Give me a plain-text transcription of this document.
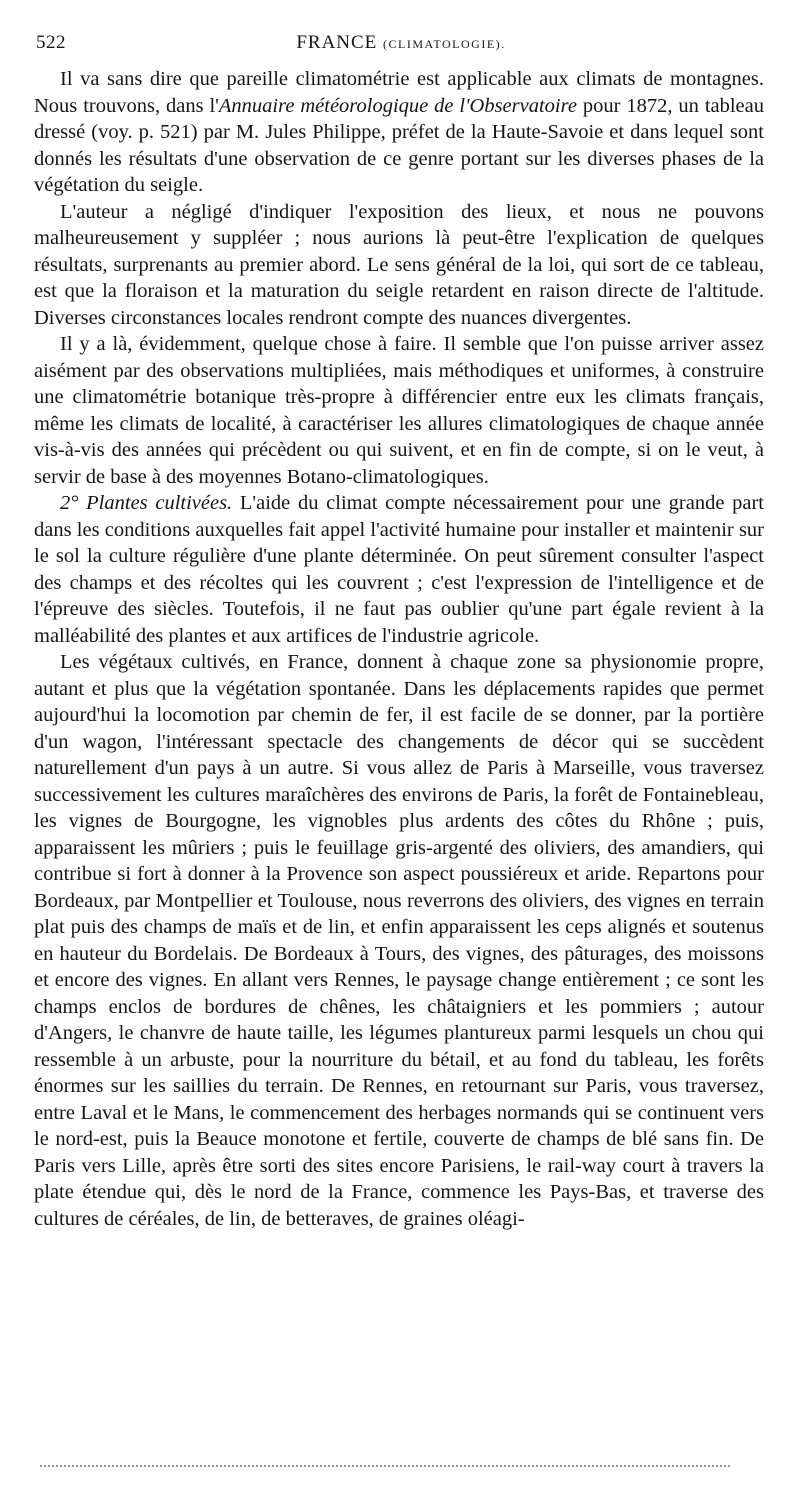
522	FRANCE (CLIMATOLOGIE).

Il va sans dire que pareille climatométrie est applicable aux climats de montagnes. Nous trouvons, dans l'Annuaire météorologique de l'Observatoire pour 1872, un tableau dressé (voy. p. 521) par M. Jules Philippe, préfet de la Haute-Savoie et dans lequel sont donnés les résultats d'une observation de ce genre portant sur les diverses phases de la végétation du seigle.

L'auteur a négligé d'indiquer l'exposition des lieux, et nous ne pouvons malheureusement y suppléer ; nous aurions là peut-être l'explication de quelques résultats, surprenants au premier abord. Le sens général de la loi, qui sort de ce tableau, est que la floraison et la maturation du seigle retardent en raison directe de l'altitude. Diverses circonstances locales rendront compte des nuances divergentes.

Il y a là, évidemment, quelque chose à faire. Il semble que l'on puisse arriver assez aisément par des observations multipliées, mais méthodiques et uniformes, à construire une climatométrie botanique très-propre à différencier entre eux les climats français, même les climats de localité, à caractériser les allures climatologiques de chaque année vis-à-vis des années qui précèdent ou qui suivent, et en fin de compte, si on le veut, à servir de base à des moyennes Botano-climatologiques.

2° Plantes cultivées. L'aide du climat compte nécessairement pour une grande part dans les conditions auxquelles fait appel l'activité humaine pour installer et maintenir sur le sol la culture régulière d'une plante déterminée. On peut sûrement consulter l'aspect des champs et des récoltes qui les couvrent ; c'est l'expression de l'intelligence et de l'épreuve des siècles. Toutefois, il ne faut pas oublier qu'une part égale revient à la malléabilité des plantes et aux artifices de l'industrie agricole.

Les végétaux cultivés, en France, donnent à chaque zone sa physionomie propre, autant et plus que la végétation spontanée. Dans les déplacements rapides que permet aujourd'hui la locomotion par chemin de fer, il est facile de se donner, par la portière d'un wagon, l'intéressant spectacle des changements de décor qui se succèdent naturellement d'un pays à un autre. Si vous allez de Paris à Marseille, vous traversez successivement les cultures maraîchères des environs de Paris, la forêt de Fontainebleau, les vignes de Bourgogne, les vignobles plus ardents des côtes du Rhône ; puis, apparaissent les mûriers ; puis le feuillage gris-argenté des oliviers, des amandiers, qui contribue si fort à donner à la Provence son aspect poussiéreux et aride. Repartons pour Bordeaux, par Montpellier et Toulouse, nous reverrons des oliviers, des vignes en terrain plat puis des champs de maïs et de lin, et enfin apparaissent les ceps alignés et soutenus en hauteur du Bordelais. De Bordeaux à Tours, des vignes, des pâturages, des moissons et encore des vignes. En allant vers Rennes, le paysage change entièrement ; ce sont les champs enclos de bordures de chênes, les châtaigniers et les pommiers ; autour d'Angers, le chanvre de haute taille, les légumes plantureux parmi lesquels un chou qui ressemble à un arbuste, pour la nourriture du bétail, et au fond du tableau, les forêts énormes sur les saillies du terrain. De Rennes, en retournant sur Paris, vous traversez, entre Laval et le Mans, le commencement des herbages normands qui se continuent vers le nord-est, puis la Beauce monotone et fertile, couverte de champs de blé sans fin. De Paris vers Lille, après être sorti des sites encore Parisiens, le rail-way court à travers la plate étendue qui, dès le nord de la France, commence les Pays-Bas, et traverse des cultures de céréales, de lin, de betteraves, de graines oléagi-
